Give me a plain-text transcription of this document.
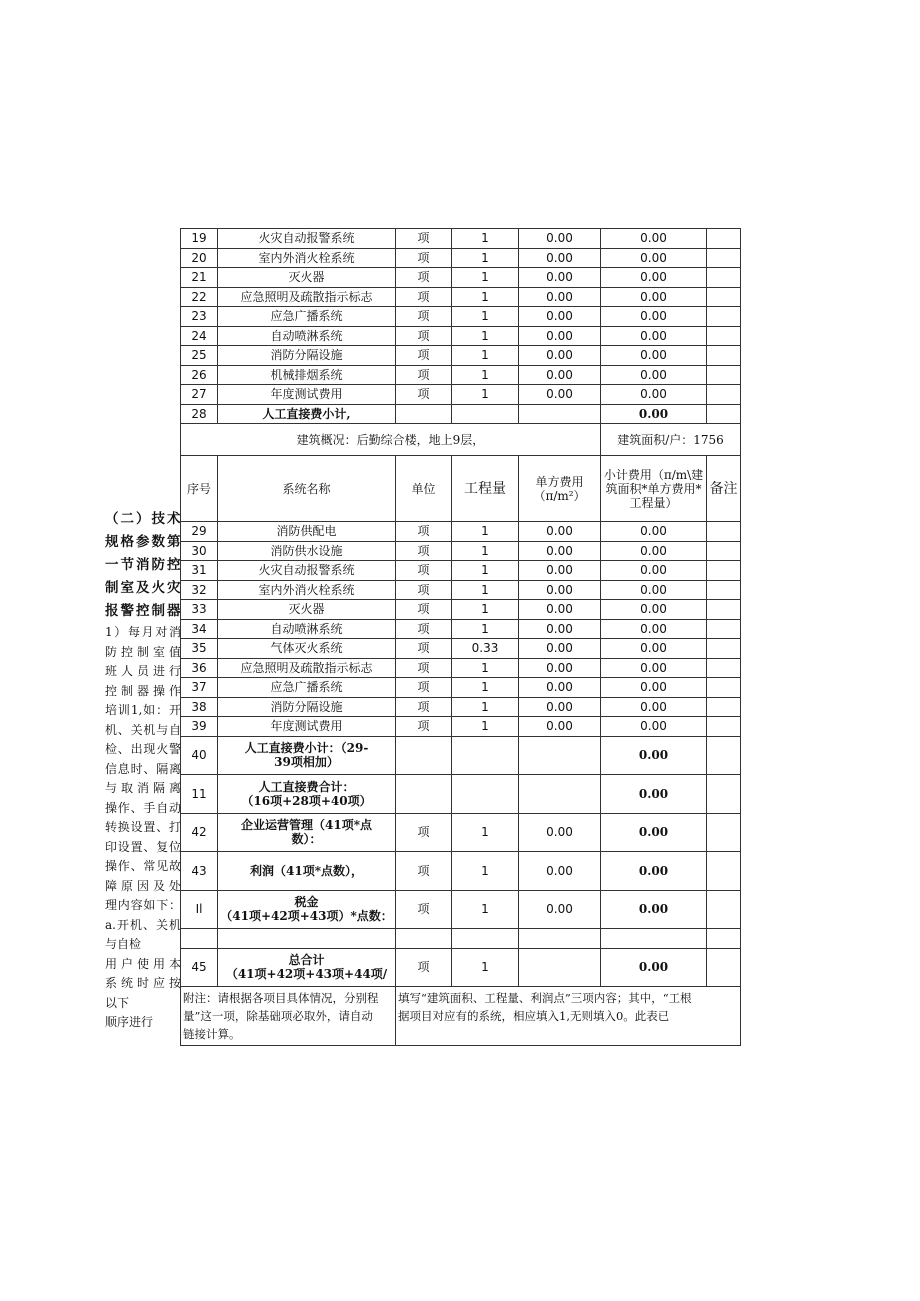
（二）技术
规格参数第
一节消防控
制室及火灾
报警控制器
1）每月对消
防控制室值
班人员进行
控制器操作
培训1,如：开
机、关机与自
检、出现火警
信息时、隔离
与取消隔离
操作、手自动
转换设置、打
印设置、复位
操作、常见故
障原因及处
理内容如下：
a.开机、关机
与自检
用户使用本
系统时应按
以下
顺序进行
19	火灾自动报警系统	项	1	0.00	0.00	
20	室内外消火栓系统	项	1	0.00	0.00	
21	灭火器	项	1	0.00	0.00	
22	应急照明及疏散指示标志	项	1	0.00	0.00	
23	应急广播系统	项	1	0.00	0.00	
24	自动喷淋系统	项	1	0.00	0.00	
25	消防分隔设施	项	1	0.00	0.00	
26	机械排烟系统	项	1	0.00	0.00	
27	年度测试费用	项	1	0.00	0.00	
28	人工直接费小计,				0.00	
建筑概况：后勤综合楼，地上9层，					建筑面积/户：1756	
序号	系统名称	单位	工程量	单方费用（π/m²）	小计费用（π/m\建筑面积*单方费用*工程量）	备注
29	消防供配电	项	1	0.00	0.00	
30	消防供水设施	项	1	0.00	0.00	
31	火灾自动报警系统	项	1	0.00	0.00	
32	室内外消火栓系统	项	1	0.00	0.00	
33	灭火器	项	1	0.00	0.00	
34	自动喷淋系统	项	1	0.00	0.00	
35	气体灭火系统	项	0.33	0.00	0.00	
36	应急照明及疏散指示标志	项	1	0.00	0.00	
37	应急广播系统	项	1	0.00	0.00	
38	消防分隔设施	项	1	0.00	0.00	
39	年度测试费用	项	1	0.00	0.00	
40	人工直接费小计：（29-
39项相加）				0.00	
11	人工直接费合计：
（16项+28项+40项）				0.00	
42	企业运营管理（41项*点
数）：	项	1	0.00	0.00	
43	利润（41项*点数），	项	1	0.00	0.00	
Il	税金
（41项+42项+43项）*点数：	项	1	0.00	0.00	

45	总合计
（41项+42项+43项+44项/	项	1		0.00	
附注：请根据各项目具体情况，分别程
量”这一项，除基础项必取外，请自动
链接计算。		填写“建筑面积、工程量、利润点”三项内容；其中，“工根
据项目对应有的系统，相应填入1,无则填入0。此表已				
